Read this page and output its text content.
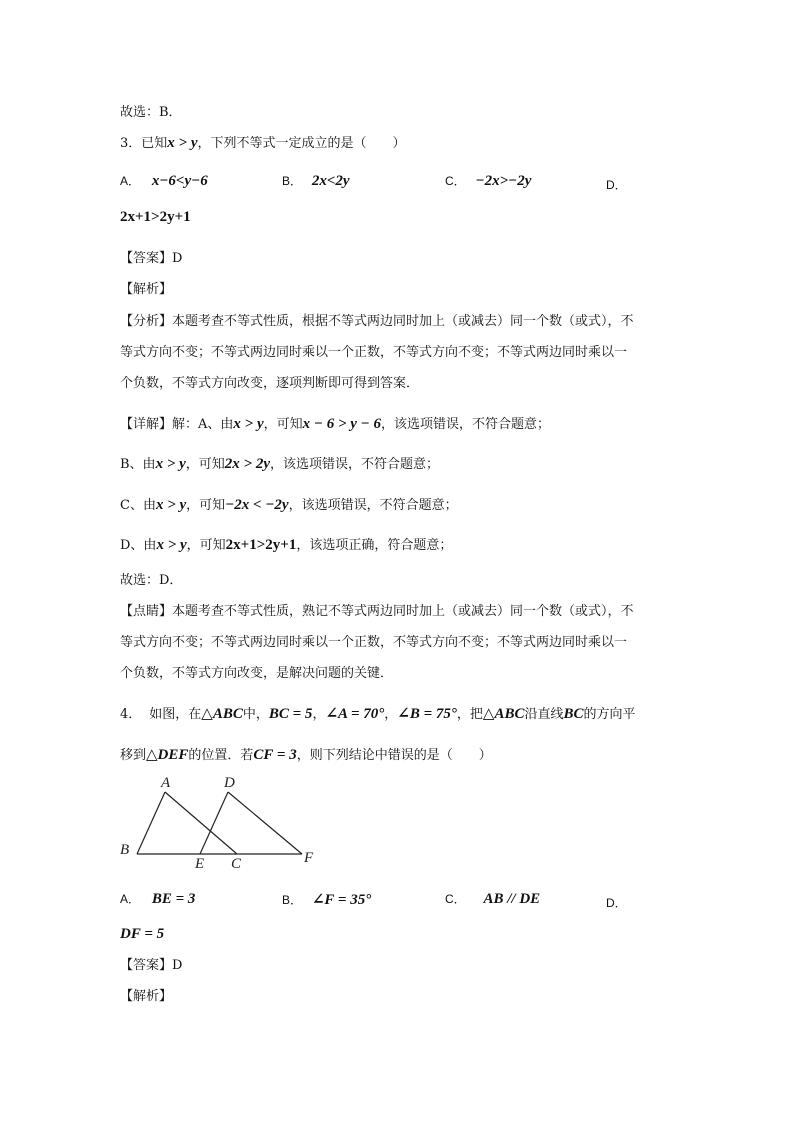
故选：B．
3．已知x > y，下列不等式一定成立的是（　　）
A． x−6<y−6	B． 2x<2y	C． −2x>−2y	D．
2x+1>2y+1
【答案】D
【解析】
【分析】本题考查不等式性质，根据不等式两边同时加上（或减去）同一个数（或式），不
等式方向不变；不等式两边同时乘以一个正数，不等式方向不变；不等式两边同时乘以一
个负数，不等式方向改变，逐项判断即可得到答案．
【详解】解：A、由x > y，可知x − 6 > y − 6，该选项错误，不符合题意；
B、由x > y，可知2x > 2y，该选项错误，不符合题意；
C、由x > y，可知−2x < −2y，该选项错误，不符合题意；
D、由x > y，可知2x+1>2y+1，该选项正确，符合题意；
故选：D．
【点睛】本题考查不等式性质，熟记不等式两边同时加上（或减去）同一个数（或式），不
等式方向不变；不等式两边同时乘以一个正数，不等式方向不变；不等式两边同时乘以一
个负数，不等式方向改变，是解决问题的关键．
4． 如图，在△ABC中，BC = 5，∠A = 70°，∠B = 75°，把△ABC沿直线BC的方向平
移到△DEF的位置．若CF = 3，则下列结论中错误的是（　　）
A	D
B
E C	F
A． BE = 3	B． ∠F = 35°	C． AB // DE	D．
DF = 5
【答案】D
【解析】
